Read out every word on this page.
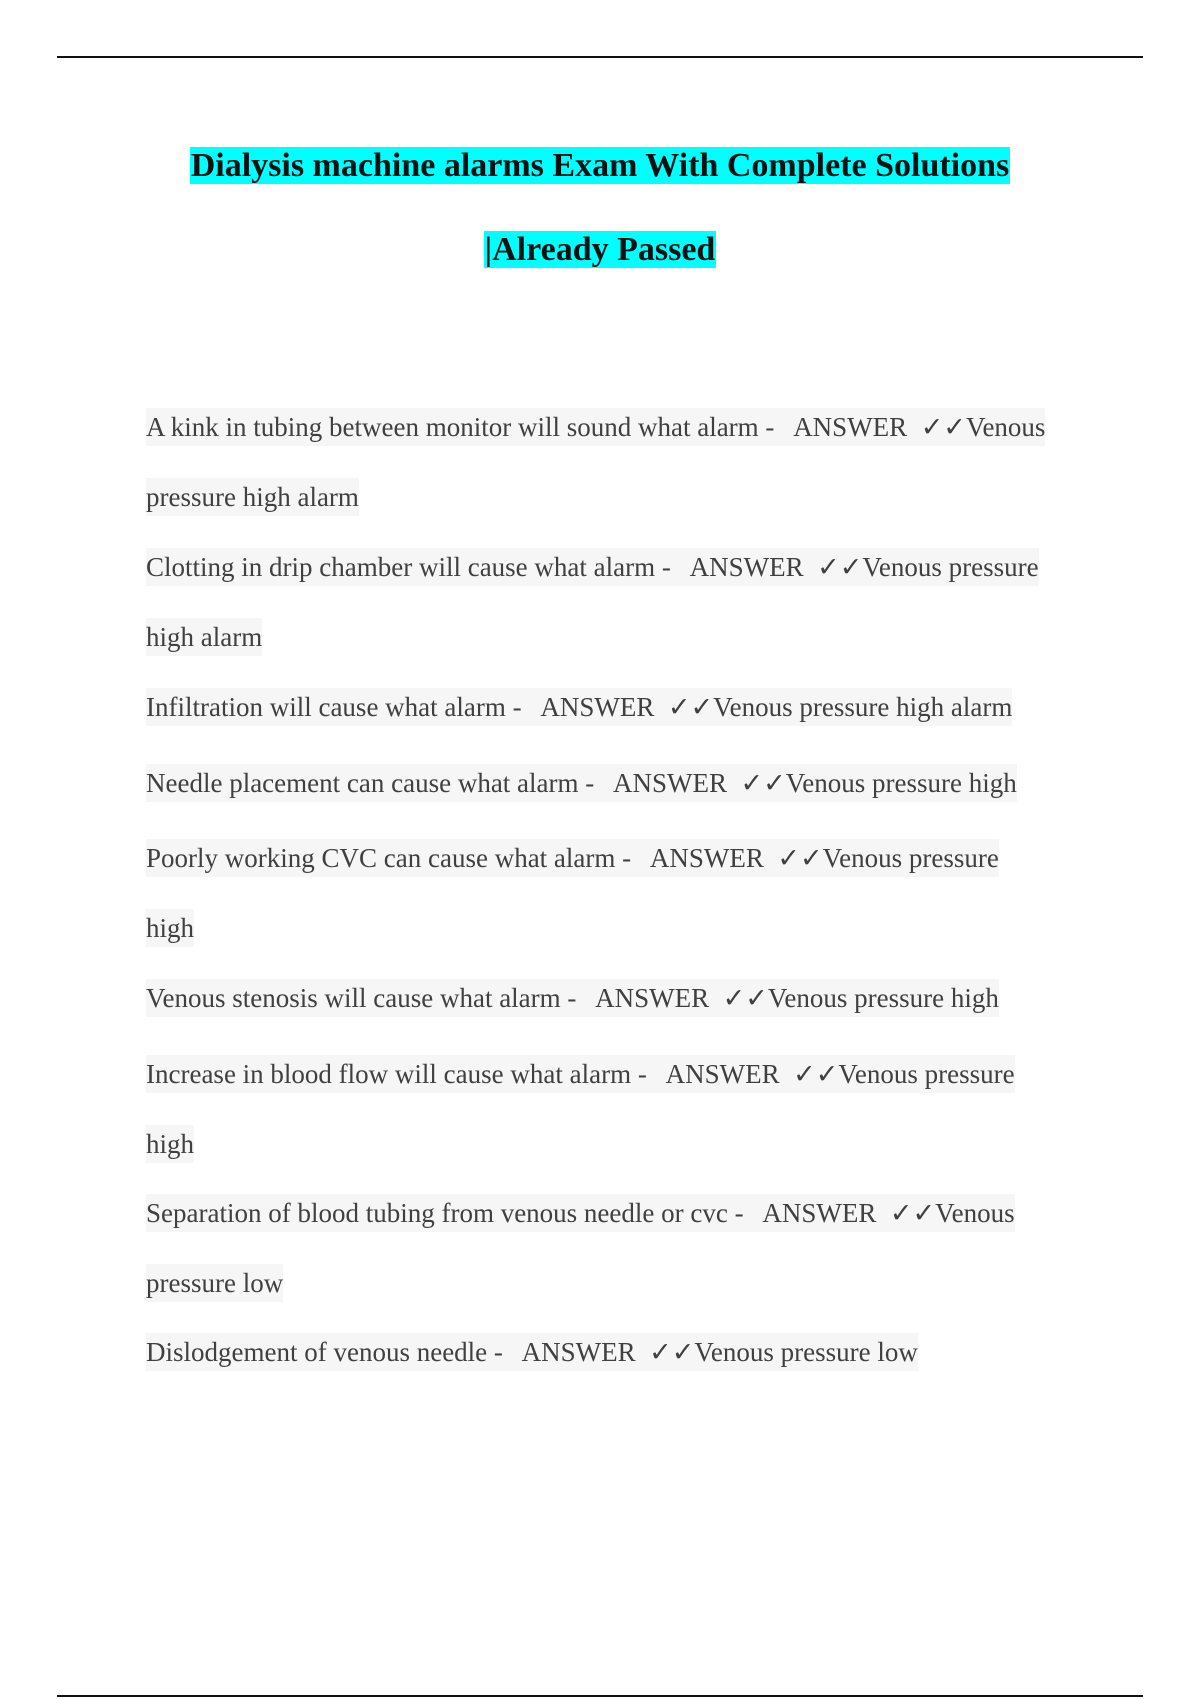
Dialysis machine alarms Exam With Complete Solutions
|Already Passed
A kink in tubing between monitor will sound what alarm - ANSWER ✓✓Venous pressure high alarm
Clotting in drip chamber will cause what alarm - ANSWER ✓✓Venous pressure high alarm
Infiltration will cause what alarm - ANSWER ✓✓Venous pressure high alarm
Needle placement can cause what alarm - ANSWER ✓✓Venous pressure high
Poorly working CVC can cause what alarm - ANSWER ✓✓Venous pressure high
Venous stenosis will cause what alarm - ANSWER ✓✓Venous pressure high
Increase in blood flow will cause what alarm - ANSWER ✓✓Venous pressure high
Separation of blood tubing from venous needle or cvc - ANSWER ✓✓Venous pressure low
Dislodgement of venous needle - ANSWER ✓✓Venous pressure low
